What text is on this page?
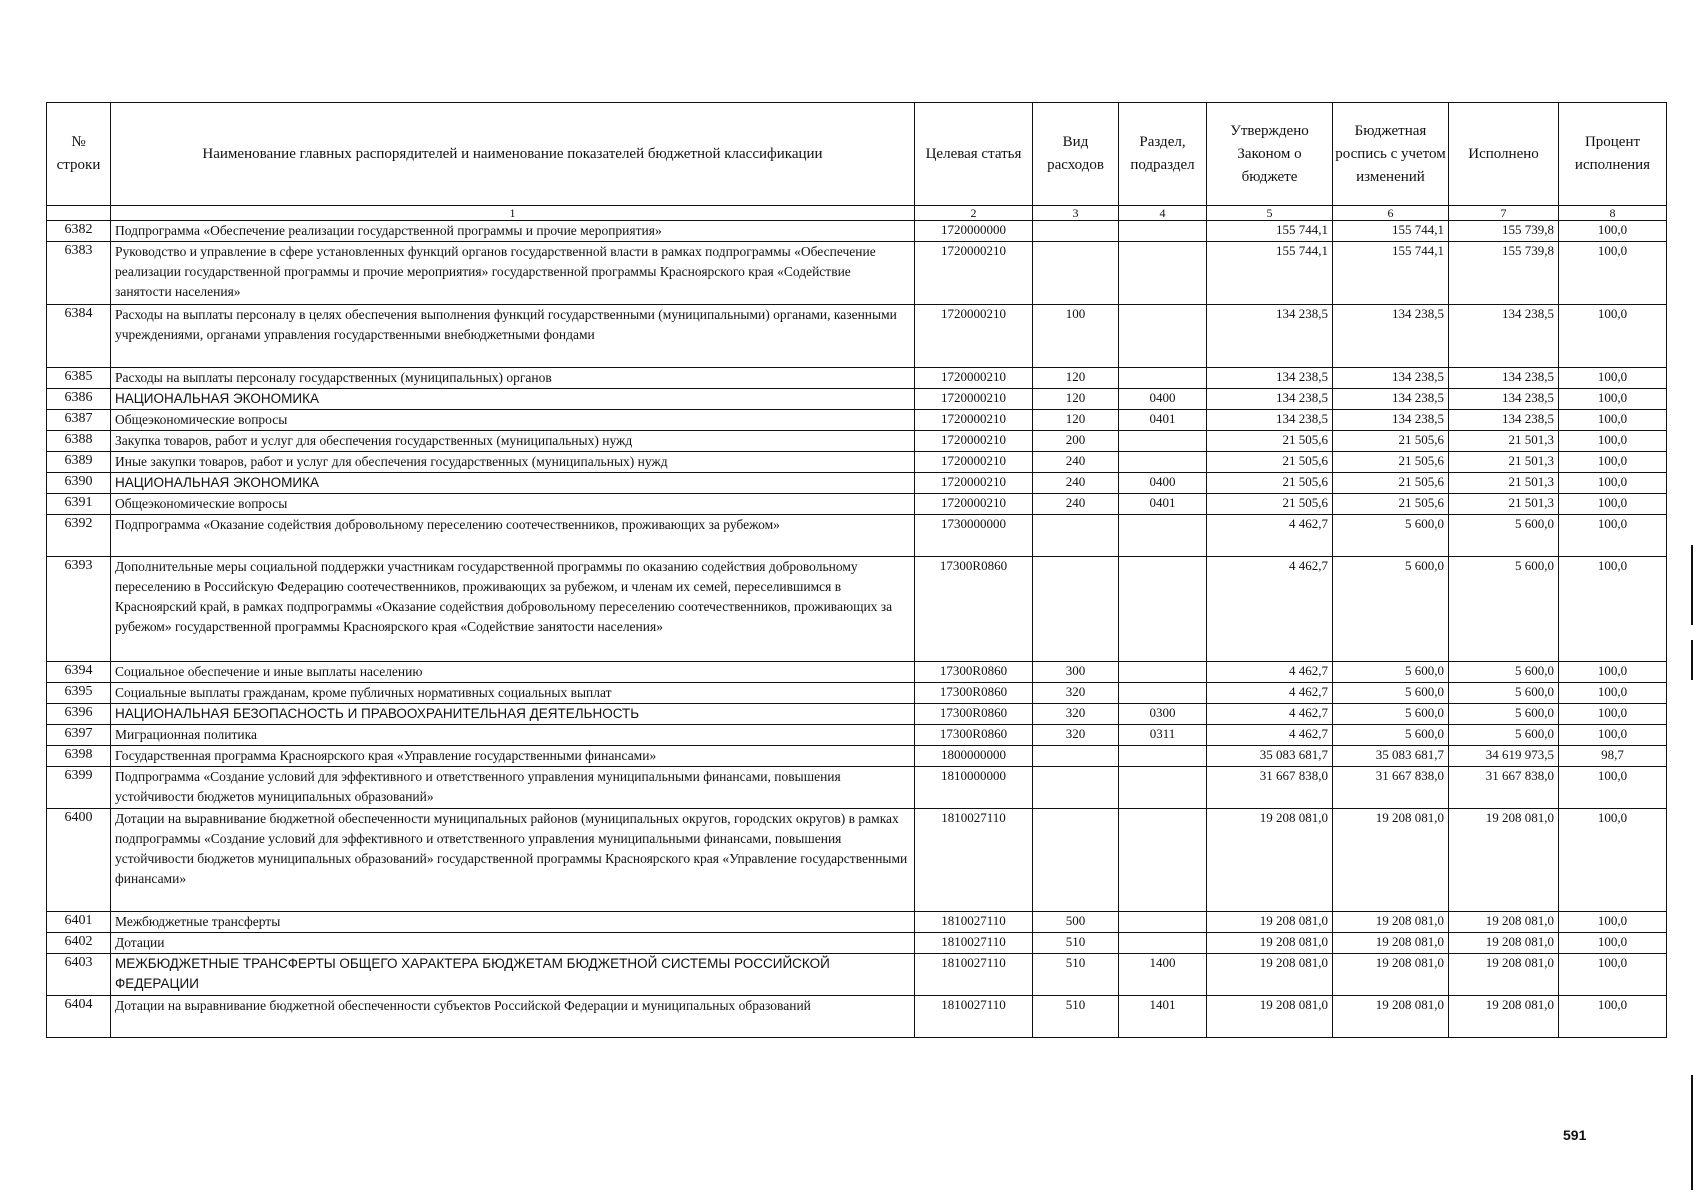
№ строки	Наименование главных распорядителей и наименование показателей бюджетной классификации	Целевая статья	Вид расходов	Раздел, подраздел	Утверждено Законом о бюджете	Бюджетная роспись с учетом изменений	Исполнено	Процент исполнения
	1	2	3	4	5	6	7	8
6382	Подпрограмма «Обеспечение реализации государственной программы и прочие мероприятия»	1720000000			155 744,1	155 744,1	155 739,8	100,0
6383	Руководство и управление в сфере установленных функций органов государственной власти в рамках подпрограммы «Обеспечение реализации государственной программы и прочие мероприятия» государственной программы Красноярского края «Содействие занятости населения»	1720000210			155 744,1	155 744,1	155 739,8	100,0
6384	Расходы на выплаты персоналу в целях обеспечения выполнения функций государственными (муниципальными) органами, казенными учреждениями, органами управления государственными внебюджетными фондами	1720000210	100		134 238,5	134 238,5	134 238,5	100,0
6385	Расходы на выплаты персоналу государственных (муниципальных) органов	1720000210	120		134 238,5	134 238,5	134 238,5	100,0
6386	НАЦИОНАЛЬНАЯ ЭКОНОМИКА	1720000210	120	0400	134 238,5	134 238,5	134 238,5	100,0
6387	Общеэкономические вопросы	1720000210	120	0401	134 238,5	134 238,5	134 238,5	100,0
6388	Закупка товаров, работ и услуг для обеспечения государственных (муниципальных) нужд	1720000210	200		21 505,6	21 505,6	21 501,3	100,0
6389	Иные закупки товаров, работ и услуг для обеспечения государственных (муниципальных) нужд	1720000210	240		21 505,6	21 505,6	21 501,3	100,0
6390	НАЦИОНАЛЬНАЯ ЭКОНОМИКА	1720000210	240	0400	21 505,6	21 505,6	21 501,3	100,0
6391	Общеэкономические вопросы	1720000210	240	0401	21 505,6	21 505,6	21 501,3	100,0
6392	Подпрограмма «Оказание содействия добровольному переселению соотечественников, проживающих за рубежом»	1730000000			4 462,7	5 600,0	5 600,0	100,0
6393	Дополнительные меры социальной поддержки участникам государственной программы по оказанию содействия добровольному переселению в Российскую Федерацию соотечественников, проживающих за рубежом, и членам их семей, переселившимся в Красноярский край, в рамках подпрограммы «Оказание содействия добровольному переселению соотечественников, проживающих за рубежом» государственной программы Красноярского края «Содействие занятости населения»	17300R0860			4 462,7	5 600,0	5 600,0	100,0
6394	Социальное обеспечение и иные выплаты населению	17300R0860	300		4 462,7	5 600,0	5 600,0	100,0
6395	Социальные выплаты гражданам, кроме публичных нормативных социальных выплат	17300R0860	320		4 462,7	5 600,0	5 600,0	100,0
6396	НАЦИОНАЛЬНАЯ БЕЗОПАСНОСТЬ И ПРАВООХРАНИТЕЛЬНАЯ ДЕЯТЕЛЬНОСТЬ	17300R0860	320	0300	4 462,7	5 600,0	5 600,0	100,0
6397	Миграционная политика	17300R0860	320	0311	4 462,7	5 600,0	5 600,0	100,0
6398	Государственная программа Красноярского края «Управление государственными финансами»	1800000000			35 083 681,7	35 083 681,7	34 619 973,5	98,7
6399	Подпрограмма «Создание условий для эффективного и ответственного управления муниципальными финансами, повышения устойчивости бюджетов муниципальных образований»	1810000000			31 667 838,0	31 667 838,0	31 667 838,0	100,0
6400	Дотации на выравнивание бюджетной обеспеченности муниципальных районов (муниципальных округов, городских округов) в рамках подпрограммы «Создание условий для эффективного и ответственного управления муниципальными финансами, повышения устойчивости бюджетов муниципальных образований» государственной программы Красноярского края «Управление государственными финансами»	1810027110			19 208 081,0	19 208 081,0	19 208 081,0	100,0
6401	Межбюджетные трансферты	1810027110	500		19 208 081,0	19 208 081,0	19 208 081,0	100,0
6402	Дотации	1810027110	510		19 208 081,0	19 208 081,0	19 208 081,0	100,0
6403	МЕЖБЮДЖЕТНЫЕ ТРАНСФЕРТЫ ОБЩЕГО ХАРАКТЕРА БЮДЖЕТАМ БЮДЖЕТНОЙ СИСТЕМЫ РОССИЙСКОЙ ФЕДЕРАЦИИ	1810027110	510	1400	19 208 081,0	19 208 081,0	19 208 081,0	100,0
6404	Дотации на выравнивание бюджетной обеспеченности субъектов Российской Федерации и муниципальных образований	1810027110	510	1401	19 208 081,0	19 208 081,0	19 208 081,0	100,0
591
